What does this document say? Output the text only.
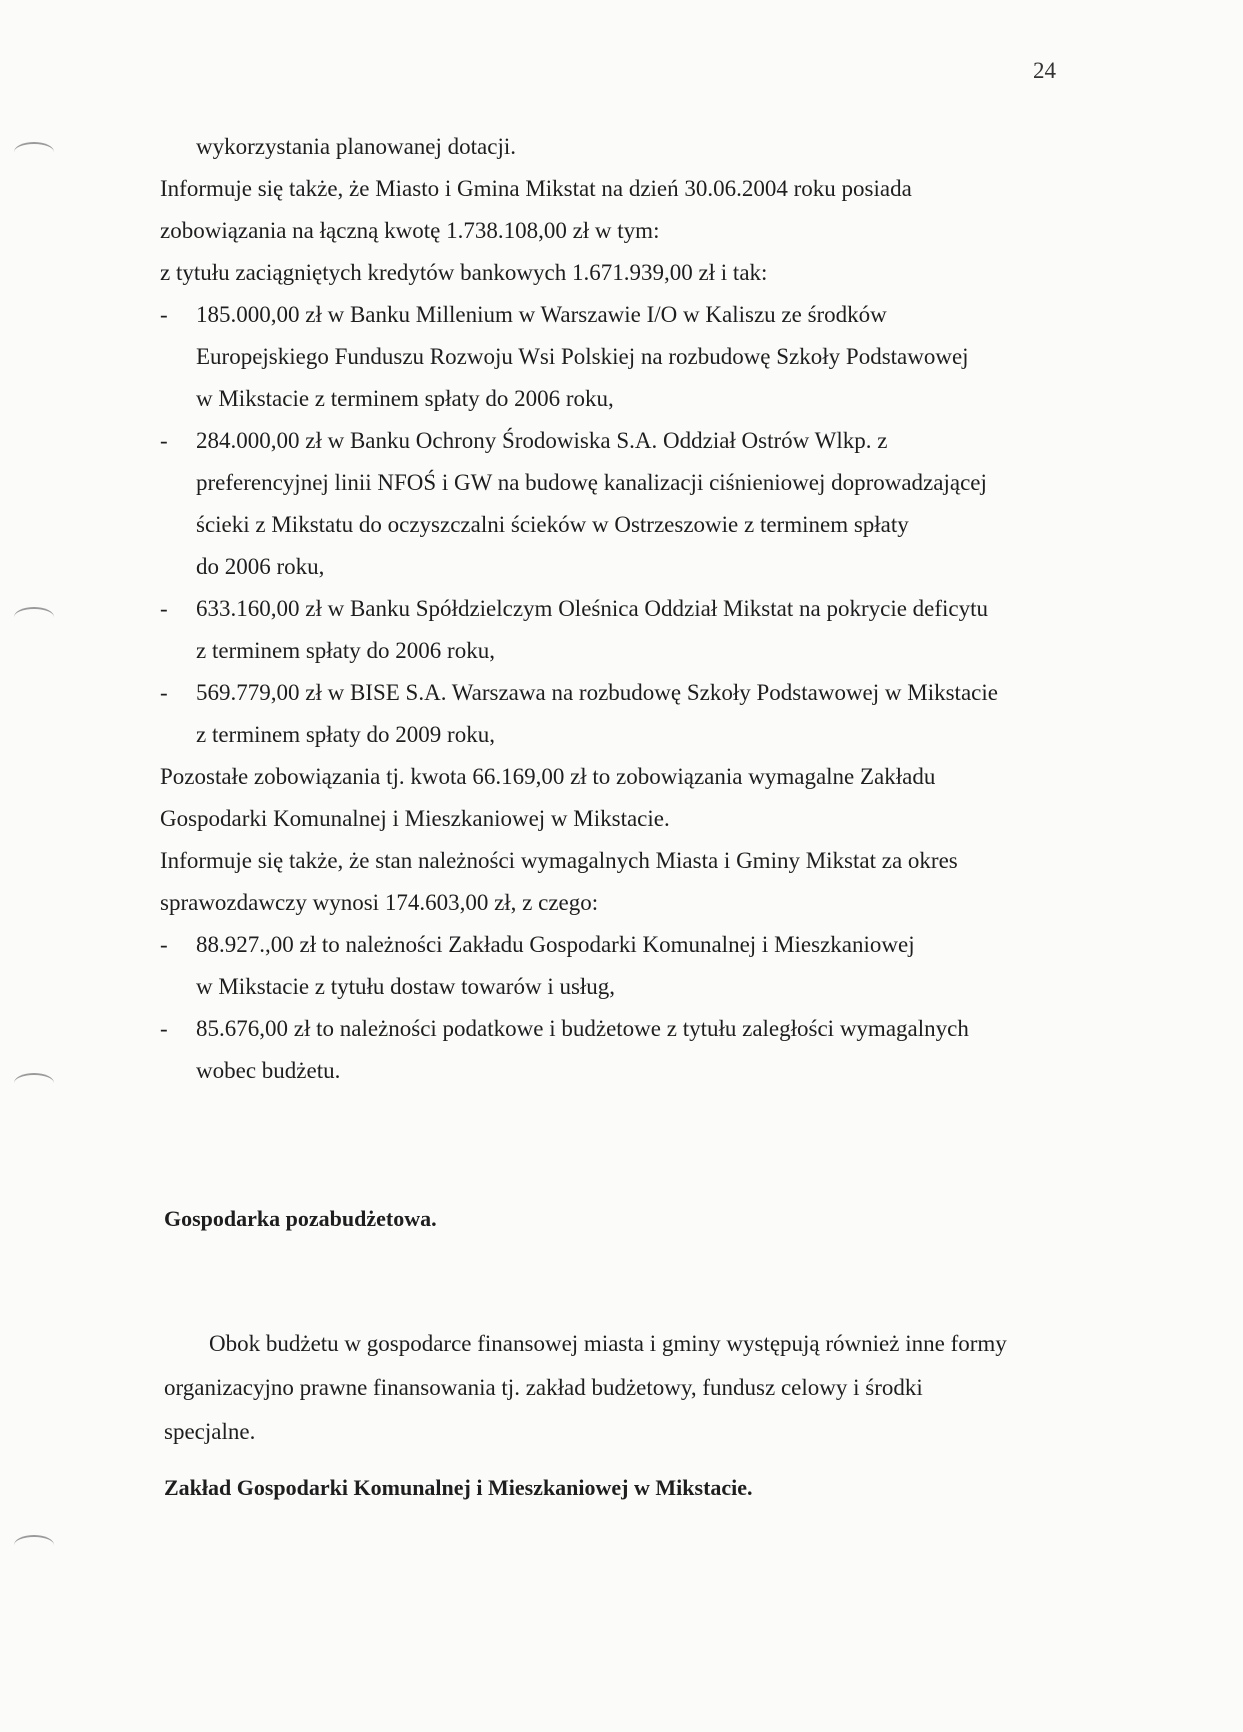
24
wykorzystania planowanej dotacji.
Informuje się także, że Miasto i Gmina Mikstat na dzień 30.06.2004 roku posiada
zobowiązania na łączną kwotę 1.738.108,00 zł w tym:
z tytułu zaciągniętych kredytów bankowych 1.671.939,00 zł i tak:
- 185.000,00 zł w Banku Millenium w Warszawie I/O w Kaliszu ze środków
Europejskiego Funduszu Rozwoju Wsi Polskiej na rozbudowę Szkoły Podstawowej
w Mikstacie z terminem spłaty do 2006 roku,
- 284.000,00 zł w Banku Ochrony Środowiska S.A. Oddział Ostrów Wlkp. z
preferencyjnej linii NFOŚ i GW na budowę kanalizacji ciśnieniowej doprowadzającej
ścieki z Mikstatu do oczyszczalni ścieków w Ostrzeszowie z terminem spłaty
do 2006 roku,
- 633.160,00 zł w Banku Spółdzielczym Oleśnica Oddział Mikstat na pokrycie deficytu
z terminem spłaty do 2006 roku,
- 569.779,00 zł w BISE S.A. Warszawa na rozbudowę Szkoły Podstawowej w Mikstacie
z terminem spłaty do 2009 roku,
Pozostałe zobowiązania tj. kwota 66.169,00 zł to zobowiązania wymagalne Zakładu
Gospodarki Komunalnej i Mieszkaniowej w Mikstacie.
Informuje się także, że stan należności wymagalnych Miasta i Gminy Mikstat za okres
sprawozdawczy wynosi 174.603,00 zł, z czego:
- 88.927.,00 zł to należności Zakładu Gospodarki Komunalnej i Mieszkaniowej
w Mikstacie z tytułu dostaw towarów i usług,
- 85.676,00 zł to należności podatkowe i budżetowe z tytułu zaległości wymagalnych
wobec budżetu.
Gospodarka pozabudżetowa.
Obok budżetu w gospodarce finansowej miasta i gminy występują również inne formy
organizacyjno prawne finansowania tj. zakład budżetowy, fundusz celowy i środki
specjalne.
Zakład Gospodarki Komunalnej i Mieszkaniowej w Mikstacie.
